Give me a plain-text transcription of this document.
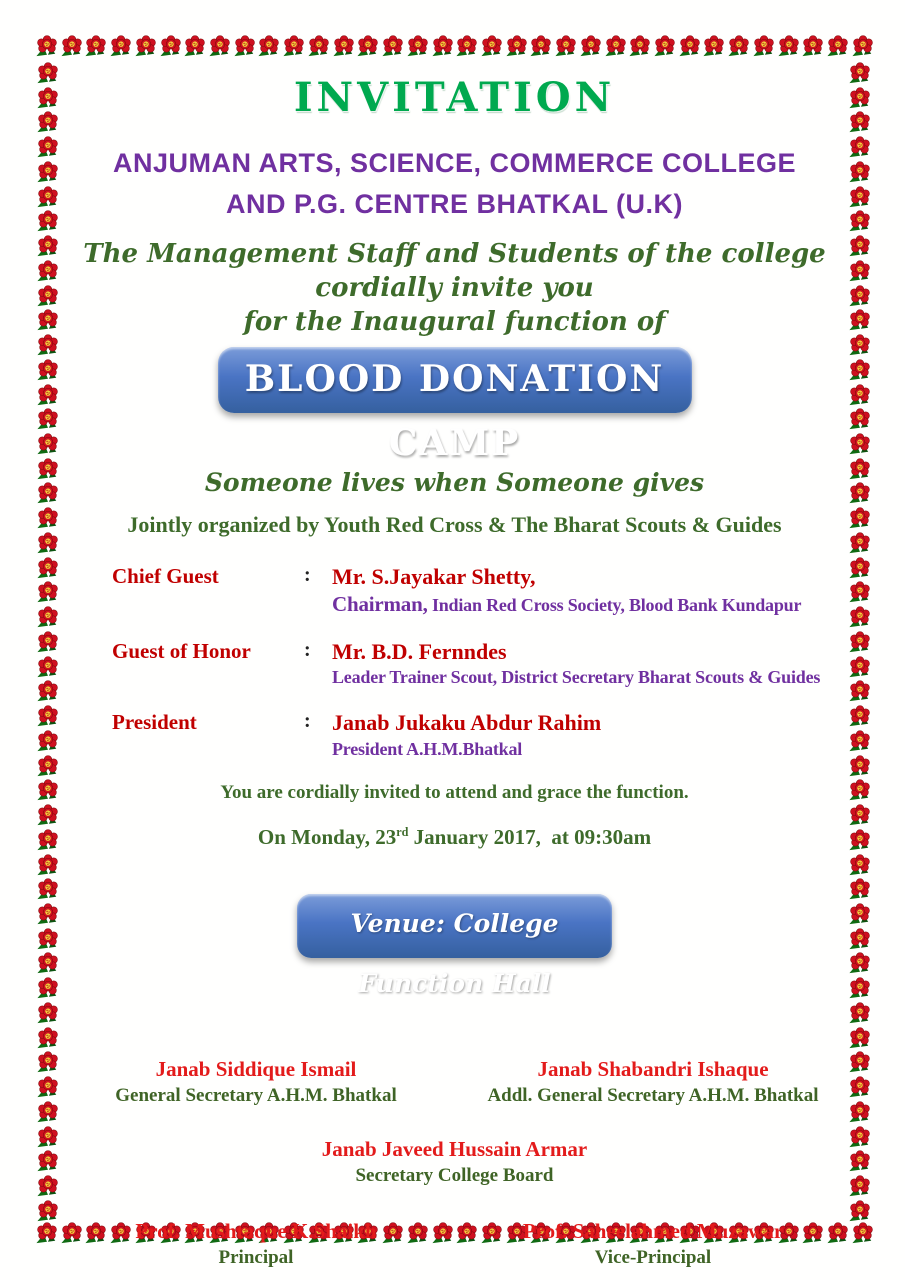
INVITATION
ANJUMAN ARTS, SCIENCE, COMMERCE COLLEGE
AND P.G. CENTRE BHATKAL (U.K)
The Management Staff and Students of the college cordially invite you
for the Inaugural function of
BLOOD DONATION CAMP
Someone lives when Someone gives
Jointly organized by Youth Red Cross & The Bharat Scouts & Guides
Chief Guest	: Mr. S.Jayakar Shetty,
Chairman, Indian Red Cross Society, Blood Bank Kundapur
Guest of Honor	: Mr. B.D. Fernndes
Leader Trainer Scout, District Secretary Bharat Scouts & Guides
President	: Janab Jukaku Abdur Rahim
President A.H.M.Bhatkal
You are cordially invited to attend and grace the function.
On Monday, 23rd January 2017,  at 09:30am
Venue: College Function Hall
Janab Siddique Ismail
General Secretary A.H.M. Bhatkal
Janab Shabandri Ishaque
Addl. General Secretary A.H.M. Bhatkal
Janab Javeed Hussain Armar
Secretary College Board
Prof. Mushtaque K.Shaikh
Principal
Prof. Saheelahmed Muzawar
Vice-Principal
